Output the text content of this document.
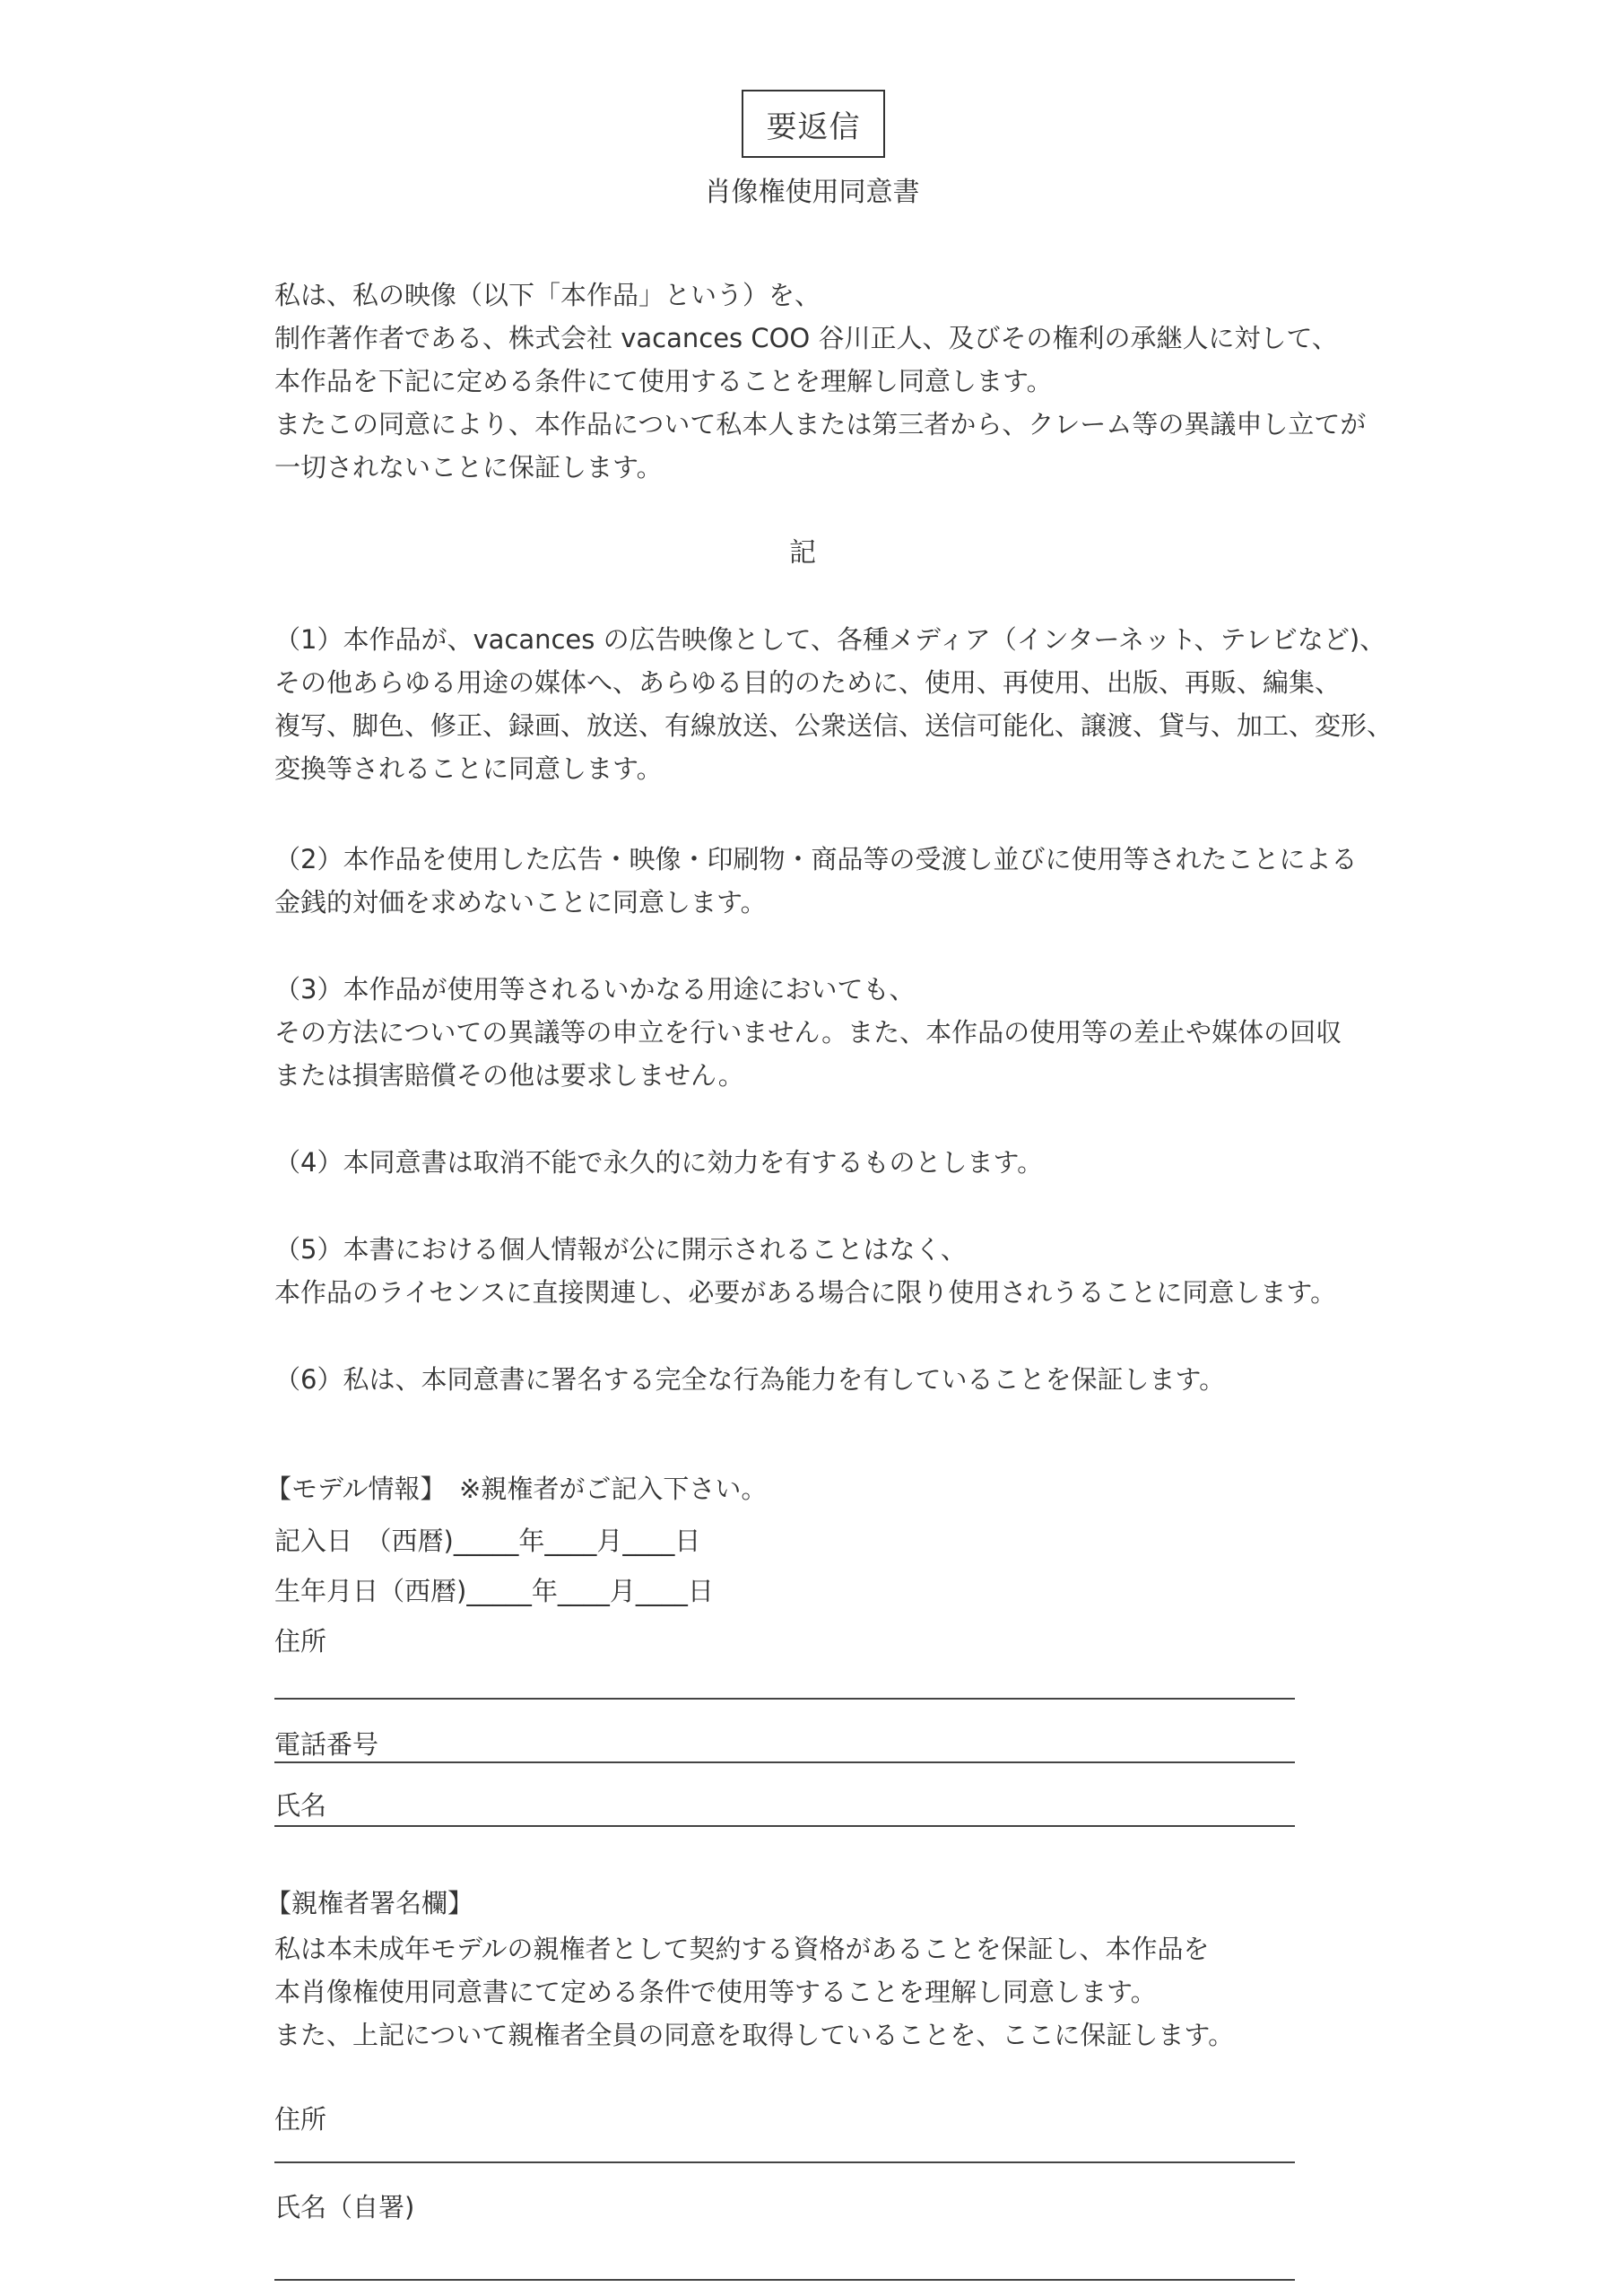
要返信
肖像権使用同意書
私は、私の映像（以下「本作品」という）を、
制作著作者である、株式会社 vacances COO 谷川正人、及びその権利の承継人に対して、
本作品を下記に定める条件にて使用することを理解し同意します。
またこの同意により、本作品について私本人または第三者から、クレーム等の異議申し立てが
一切されないことに保証します。
記
（1）本作品が、vacances の広告映像として、各種メディア（インターネット、テレビなど)、
その他あらゆる用途の媒体へ、あらゆる目的のために、使用、再使用、出版、再販、編集、
複写、脚色、修正、録画、放送、有線放送、公衆送信、送信可能化、譲渡、貸与、加工、変形、
変換等されることに同意します。
（2）本作品を使用した広告・映像・印刷物・商品等の受渡し並びに使用等されたことによる
金銭的対価を求めないことに同意します。
（3）本作品が使用等されるいかなる用途においても、
その方法についての異議等の申立を行いません。また、本作品の使用等の差止や媒体の回収
または損害賠償その他は要求しません。
（4）本同意書は取消不能で永久的に効力を有するものとします。
（5）本書における個人情報が公に開示されることはなく、
本作品のライセンスに直接関連し、必要がある場合に限り使用されうることに同意します。
（6）私は、本同意書に署名する完全な行為能力を有していることを保証します。
【モデル情報】　※親権者がご記入下さい。
記入日　（西暦)_____年____月____日
生年月日（西暦)_____年____月____日
住所
電話番号
氏名
【親権者署名欄】
私は本未成年モデルの親権者として契約する資格があることを保証し、本作品を
本肖像権使用同意書にて定める条件で使用等することを理解し同意します。
また、上記について親権者全員の同意を取得していることを、ここに保証します。
住所
氏名（自署)
